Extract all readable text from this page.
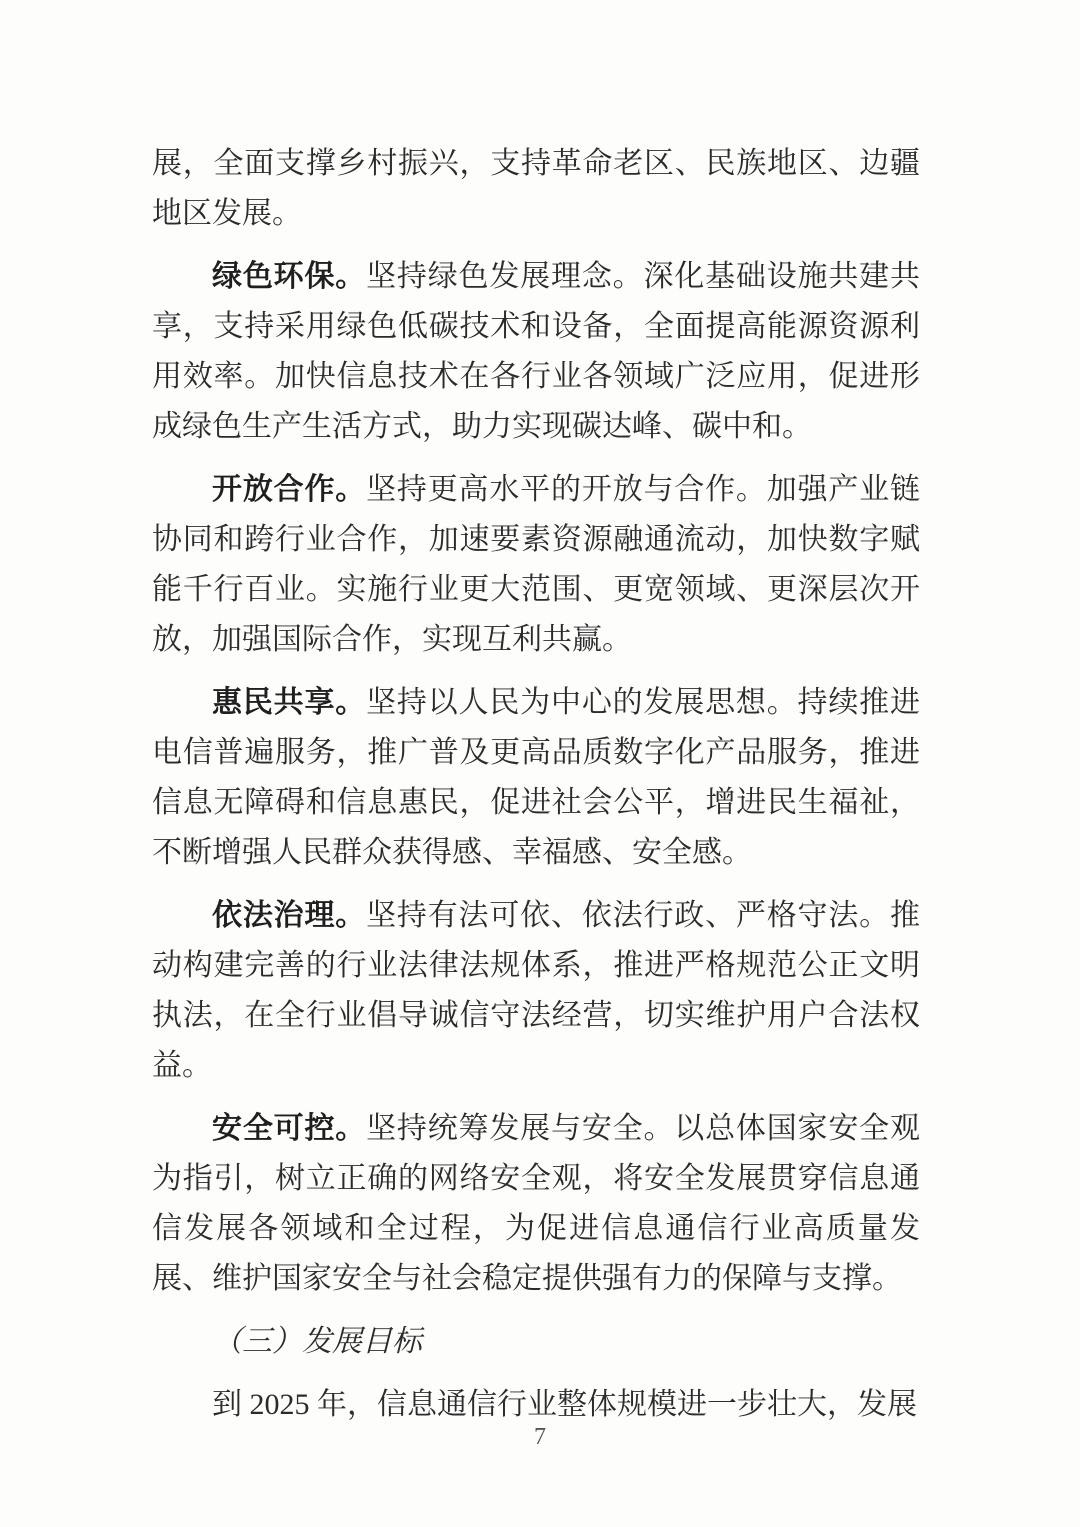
展，全面支撑乡村振兴，支持革命老区、民族地区、边疆地区发展。

绿色环保。坚持绿色发展理念。深化基础设施共建共享，支持采用绿色低碳技术和设备，全面提高能源资源利用效率。加快信息技术在各行业各领域广泛应用，促进形成绿色生产生活方式，助力实现碳达峰、碳中和。

开放合作。坚持更高水平的开放与合作。加强产业链协同和跨行业合作，加速要素资源融通流动，加快数字赋能千行百业。实施行业更大范围、更宽领域、更深层次开放，加强国际合作，实现互利共赢。

惠民共享。坚持以人民为中心的发展思想。持续推进电信普遍服务，推广普及更高品质数字化产品服务，推进信息无障碍和信息惠民，促进社会公平，增进民生福祉，不断增强人民群众获得感、幸福感、安全感。

依法治理。坚持有法可依、依法行政、严格守法。推动构建完善的行业法律法规体系，推进严格规范公正文明执法，在全行业倡导诚信守法经营，切实维护用户合法权益。

安全可控。坚持统筹发展与安全。以总体国家安全观为指引，树立正确的网络安全观，将安全发展贯穿信息通信发展各领域和全过程，为促进信息通信行业高质量发展、维护国家安全与社会稳定提供强有力的保障与支撑。

（三）发展目标

到 2025 年，信息通信行业整体规模进一步壮大，发展

7
